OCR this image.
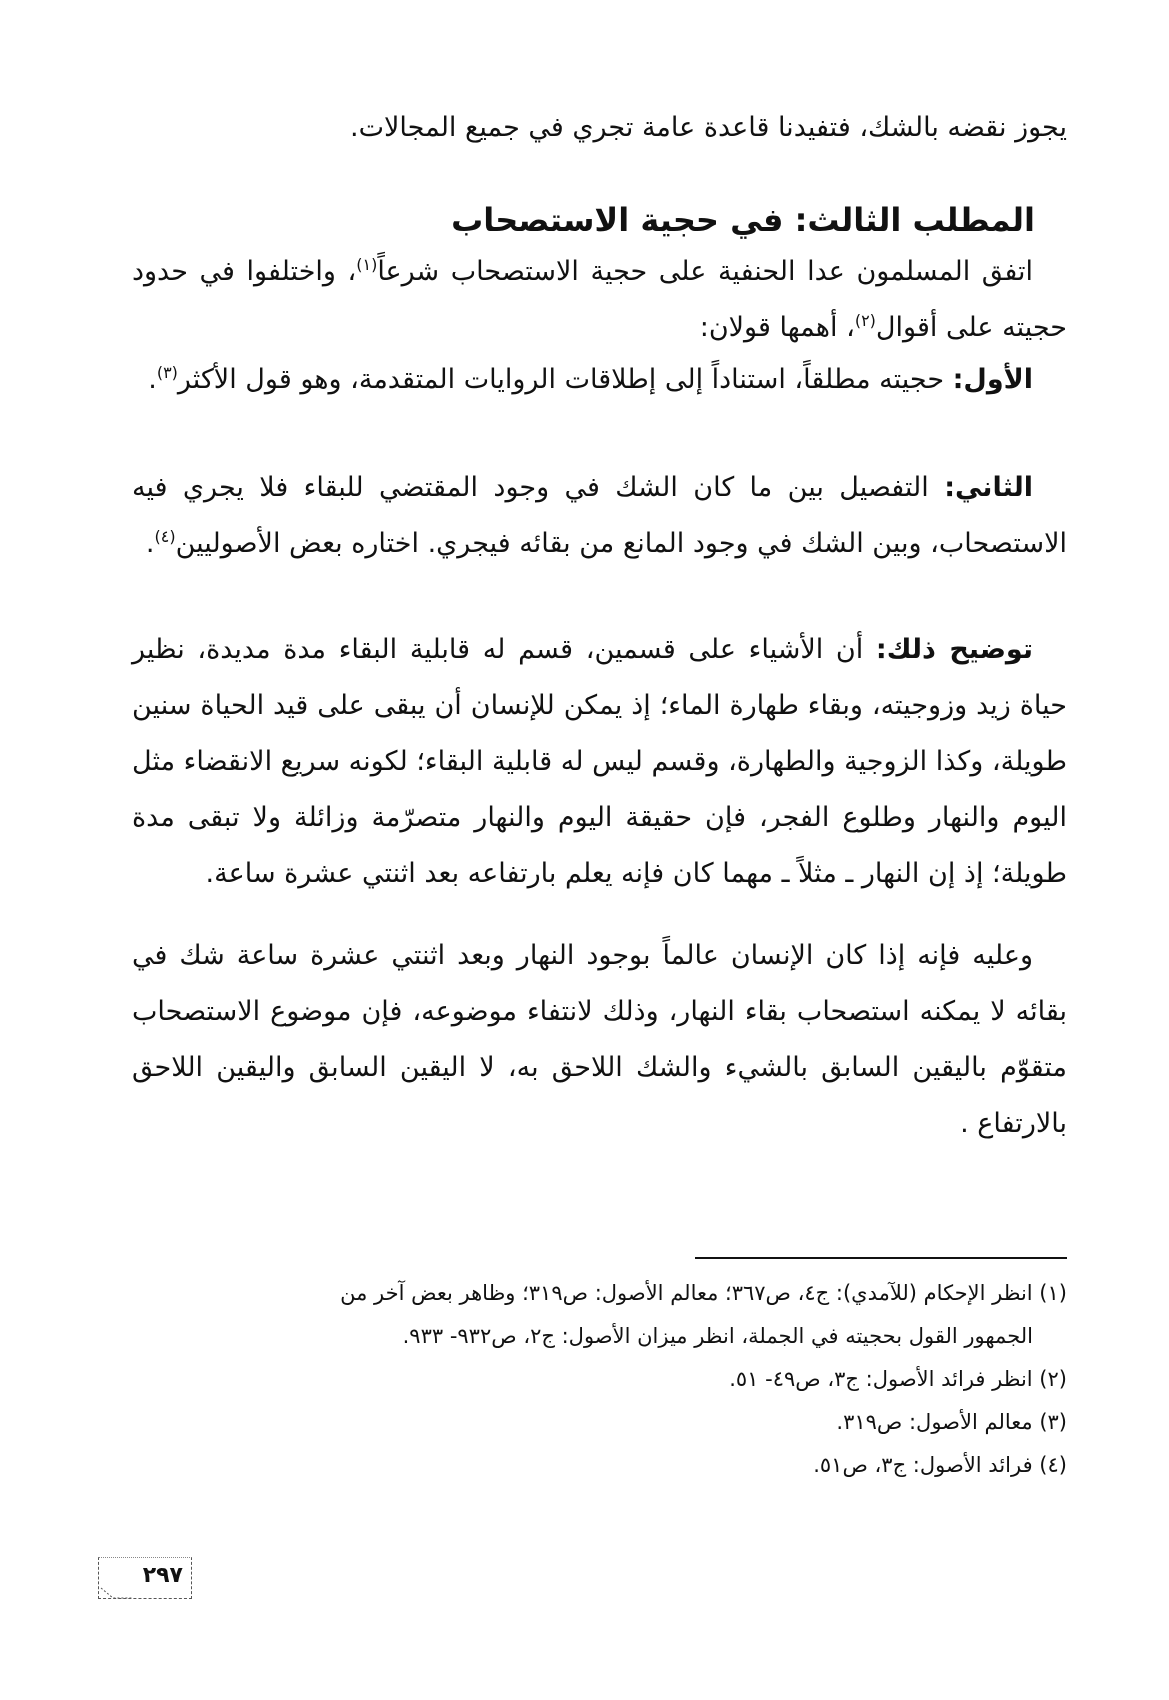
يجوز نقضه بالشك، فتفيدنا قاعدة عامة تجري في جميع المجالات.
المطلب الثالث: في حجية الاستصحاب
اتفق المسلمون عدا الحنفية على حجية الاستصحاب شرعاً$^{(١)}$، واختلفوا في حدود حجيته على أقوال$^{(٢)}$، أهمها قولان:
الأول: حجيته مطلقاً، استناداً إلى إطلاقات الروايات المتقدمة، وهو قول الأكثر$^{(٣)}$.
الثاني: التفصيل بين ما كان الشك في وجود المقتضي للبقاء فلا يجري فيه الاستصحاب، وبين الشك في وجود المانع من بقائه فيجري. اختاره بعض الأصوليين$^{(٤)}$.
توضيح ذلك: أن الأشياء على قسمين، قسم له قابلية البقاء مدة مديدة، نظير حياة زيد وزوجيته، وبقاء طهارة الماء؛ إذ يمكن للإنسان أن يبقى على قيد الحياة سنين طويلة، وكذا الزوجية والطهارة، وقسم ليس له قابلية البقاء؛ لكونه سريع الانقضاء مثل اليوم والنهار وطلوع الفجر، فإن حقيقة اليوم والنهار متصرّمة وزائلة ولا تبقى مدة طويلة؛ إذ إن النهار ـ مثلاً ـ مهما كان فإنه يعلم بارتفاعه بعد اثنتي عشرة ساعة.
وعليه فإنه إذا كان الإنسان عالماً بوجود النهار وبعد اثنتي عشرة ساعة شك في بقائه لا يمكنه استصحاب بقاء النهار، وذلك لانتفاء موضوعه، فإن موضوع الاستصحاب متقوّم باليقين السابق بالشيء والشك اللاحق به، لا اليقين السابق واليقين اللاحق بالارتفاع .
(١) انظر الإحكام (للآمدي): ج٤، ص٣٦٧؛ معالم الأصول: ص٣١٩؛ وظاهر بعض آخر من
الجمهور القول بحجيته في الجملة، انظر ميزان الأصول: ج٢، ص٩٣٢- ٩٣٣.
(٢) انظر فرائد الأصول: ج٣، ص٤٩- ٥١.
(٣) معالم الأصول: ص٣١٩.
(٤) فرائد الأصول: ج٣، ص٥١.
٢٩٧
